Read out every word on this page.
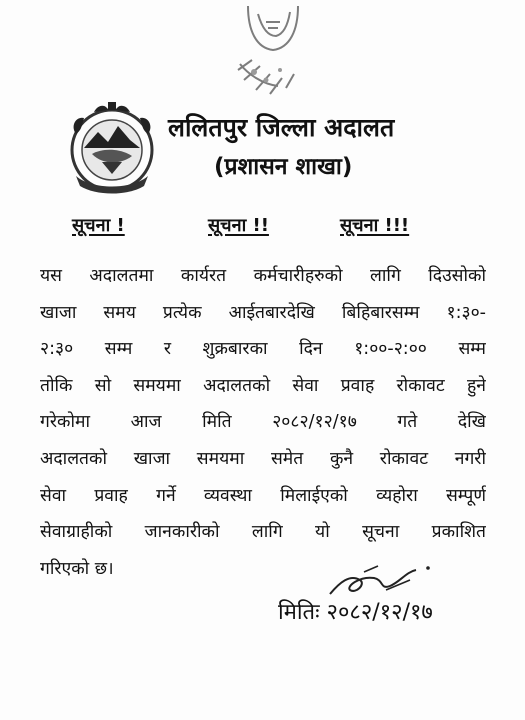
ललितपुर जिल्ला अदालत
(प्रशासन शाखा)
सूचना !	सूचना !!	सूचना !!!
यस अदालतमा कार्यरत कर्मचारीहरुको लागि दिउसोको
खाजा समय प्रत्येक आईतबारदेखि बिहिबारसम्म १:३०-
२:३० सम्म र शुक्रबारका दिन १:००-२:०० सम्म
तोकि सो समयमा अदालतको सेवा प्रवाह रोकावट हुने
गरेकोमा आज मिति २०८२/१२/१७ गते देखि
अदालतको खाजा समयमा समेत कुनै रोकावट नगरी
सेवा प्रवाह गर्ने व्यवस्था मिलाईएको व्यहोरा सम्पूर्ण
सेवाग्राहीको जानकारीको लागि यो सूचना प्रकाशित
गरिएको छ।
मितिः २०८२/१२/१७
